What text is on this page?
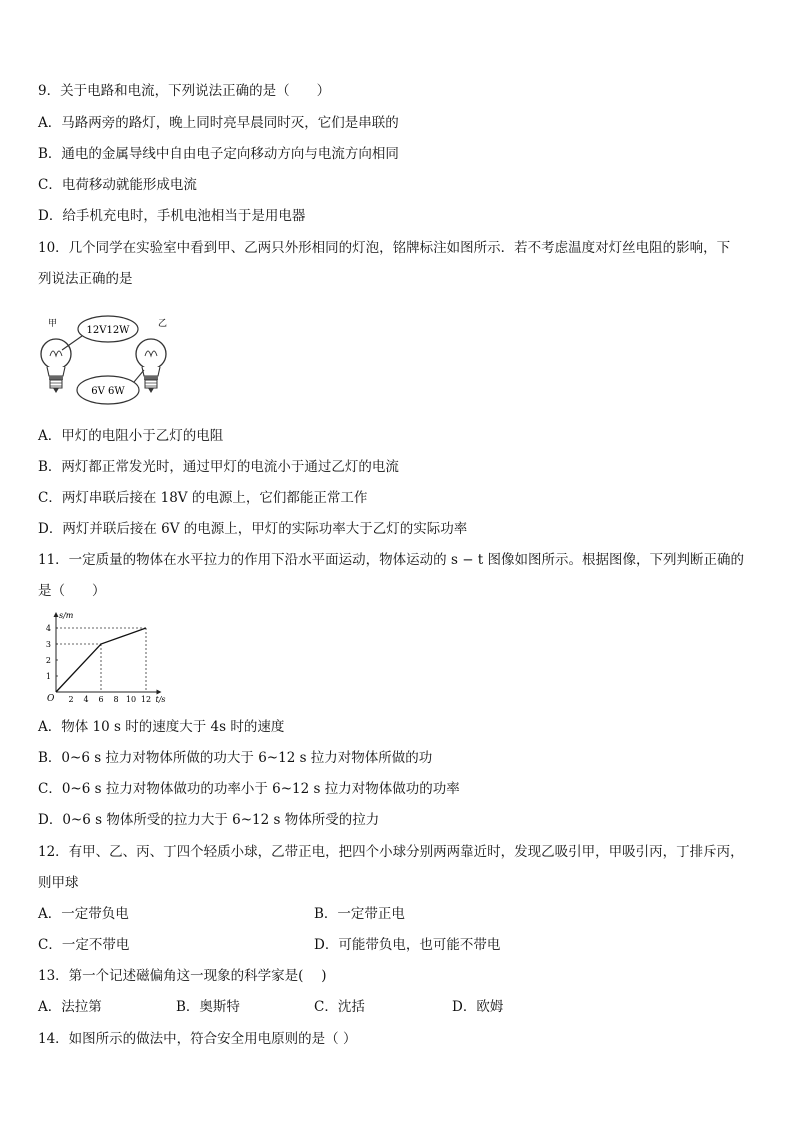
9．关于电路和电流，下列说法正确的是（　　）
A．马路两旁的路灯，晚上同时亮早晨同时灭，它们是串联的
B．通电的金属导线中自由电子定向移动方向与电流方向相同
C．电荷移动就能形成电流
D．给手机充电时，手机电池相当于是用电器
10．几个同学在实验室中看到甲、乙两只外形相同的灯泡，铭牌标注如图所示．若不考虑温度对灯丝电阻的影响，下
列说法正确的是
甲
12V12W
乙
6V 6W
A．甲灯的电阻小于乙灯的电阻
B．两灯都正常发光时，通过甲灯的电流小于通过乙灯的电流
C．两灯串联后接在 18V 的电源上，它们都能正常工作
D．两灯并联后接在 6V 的电源上，甲灯的实际功率大于乙灯的实际功率
11．一定质量的物体在水平拉力的作用下沿水平面运动，物体运动的 s − t 图像如图所示。根据图像，下列判断正确的
是（　　）
2 4 6 8 10 12
1
2
3
4
t/s
s/m
O
A．物体 10 s 时的速度大于 4s 时的速度
B．0~6 s 拉力对物体所做的功大于 6~12 s 拉力对物体所做的功
C．0~6 s 拉力对物体做功的功率小于 6~12 s 拉力对物体做功的功率
D．0~6 s 物体所受的拉力大于 6~12 s 物体所受的拉力
12．有甲、乙、丙、丁四个轻质小球，乙带正电，把四个小球分别两两靠近时，发现乙吸引甲，甲吸引丙，丁排斥丙，
则甲球
A．一定带负电	B．一定带正电
C．一定不带电	D．可能带负电，也可能不带电
13．第一个记述磁偏角这一现象的科学家是(　 )
A．法拉第	B．奥斯特	C．沈括	D．欧姆
14．如图所示的做法中，符合安全用电原则的是（ ）
